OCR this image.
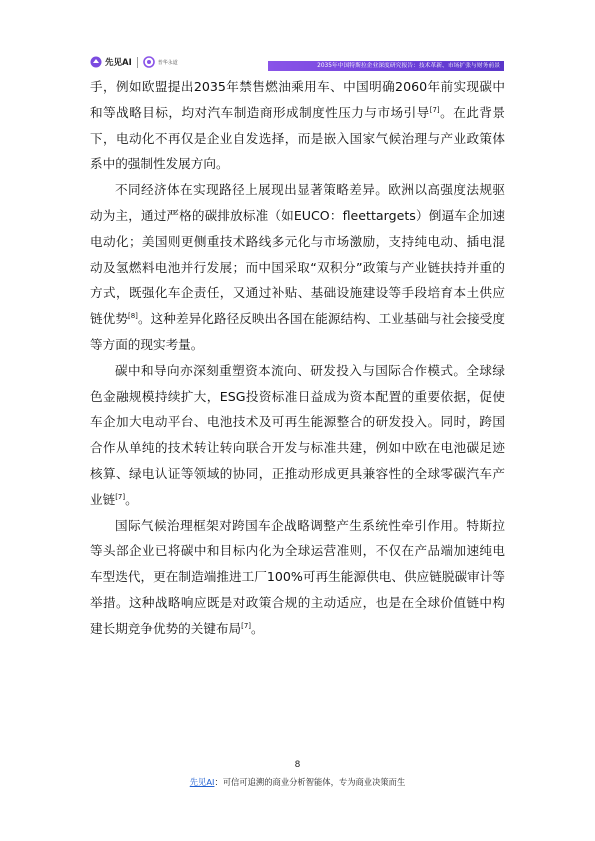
先见AI	普华永道
2035年中国特斯拉企业深度研究报告：技术革新、市场扩张与财务前景

手，例如欧盟提出2035年禁售燃油乘用车、中国明确2060年前实现碳中和等战略目标，均对汽车制造商形成制度性压力与市场引导[7]。在此背景下，电动化不再仅是企业自发选择，而是嵌入国家气候治理与产业政策体系中的强制性发展方向。

不同经济体在实现路径上展现出显著策略差异。欧洲以高强度法规驱动为主，通过严格的碳排放标准（如EUCO：fleettargets）倒逼车企加速电动化；美国则更侧重技术路线多元化与市场激励，支持纯电动、插电混动及氢燃料电池并行发展；而中国采取“双积分”政策与产业链扶持并重的方式，既强化车企责任，又通过补贴、基础设施建设等手段培育本土供应链优势[8]。这种差异化路径反映出各国在能源结构、工业基础与社会接受度等方面的现实考量。

碳中和导向亦深刻重塑资本流向、研发投入与国际合作模式。全球绿色金融规模持续扩大，ESG投资标准日益成为资本配置的重要依据，促使车企加大电动平台、电池技术及可再生能源整合的研发投入。同时，跨国合作从单纯的技术转让转向联合开发与标准共建，例如中欧在电池碳足迹核算、绿电认证等领域的协同，正推动形成更具兼容性的全球零碳汽车产业链[7]。

国际气候治理框架对跨国车企战略调整产生系统性牵引作用。特斯拉等头部企业已将碳中和目标内化为全球运营准则，不仅在产品端加速纯电车型迭代，更在制造端推进工厂100%可再生能源供电、供应链脱碳审计等举措。这种战略响应既是对政策合规的主动适应，也是在全球价值链中构建长期竞争优势的关键布局[7]。

8
先见AI：可信可追溯的商业分析智能体，专为商业决策而生
